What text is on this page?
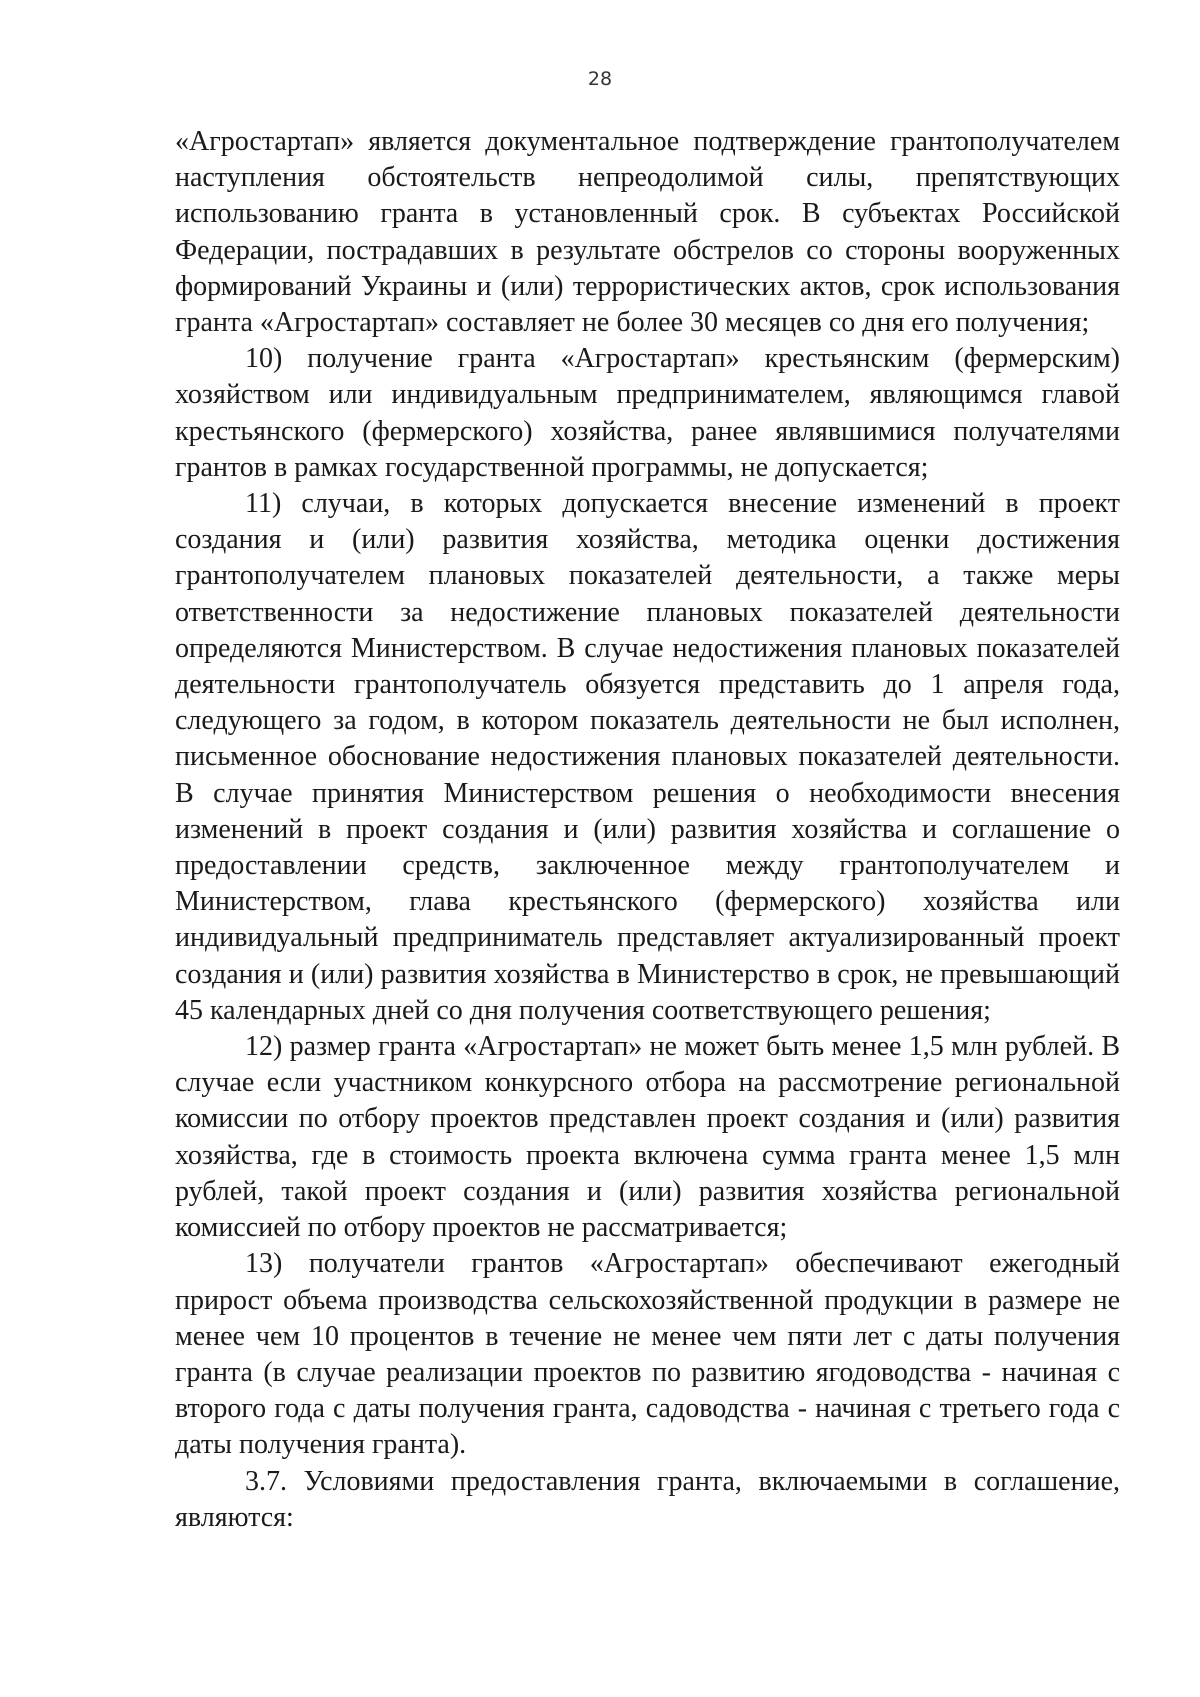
28

«Агростартап» является документальное подтверждение грантополучателем наступления обстоятельств непреодолимой силы, препятствующих использованию гранта в установленный срок. В субъектах Российской Федерации, пострадавших в результате обстрелов со стороны вооруженных формирований Украины и (или) террористических актов, срок использования гранта «Агростартап» составляет не более 30 месяцев со дня его получения;

10) получение гранта «Агростартап» крестьянским (фермерским) хозяйством или индивидуальным предпринимателем, являющимся главой крестьянского (фермерского) хозяйства, ранее являвшимися получателями грантов в рамках государственной программы, не допускается;

11) случаи, в которых допускается внесение изменений в проект создания и (или) развития хозяйства, методика оценки достижения грантополучателем плановых показателей деятельности, а также меры ответственности за недостижение плановых показателей деятельности определяются Министерством. В случае недостижения плановых показателей деятельности грантополучатель обязуется представить до 1 апреля года, следующего за годом, в котором показатель деятельности не был исполнен, письменное обоснование недостижения плановых показателей деятельности. В случае принятия Министерством решения о необходимости внесения изменений в проект создания и (или) развития хозяйства и соглашение о предоставлении средств, заключенное между грантополучателем и Министерством, глава крестьянского (фермерского) хозяйства или индивидуальный предприниматель представляет актуализированный проект создания и (или) развития хозяйства в Министерство в срок, не превышающий 45 календарных дней со дня получения соответствующего решения;

12) размер гранта «Агростартап» не может быть менее 1,5 млн рублей. В случае если участником конкурсного отбора на рассмотрение региональной комиссии по отбору проектов представлен проект создания и (или) развития хозяйства, где в стоимость проекта включена сумма гранта менее 1,5 млн рублей, такой проект создания и (или) развития хозяйства региональной комиссией по отбору проектов не рассматривается;

13) получатели грантов «Агростартап» обеспечивают ежегодный прирост объема производства сельскохозяйственной продукции в размере не менее чем 10 процентов в течение не менее чем пяти лет с даты получения гранта (в случае реализации проектов по развитию ягодоводства - начиная с второго года с даты получения гранта, садоводства - начиная с третьего года с даты получения гранта).

3.7. Условиями предоставления гранта, включаемыми в соглашение, являются:
